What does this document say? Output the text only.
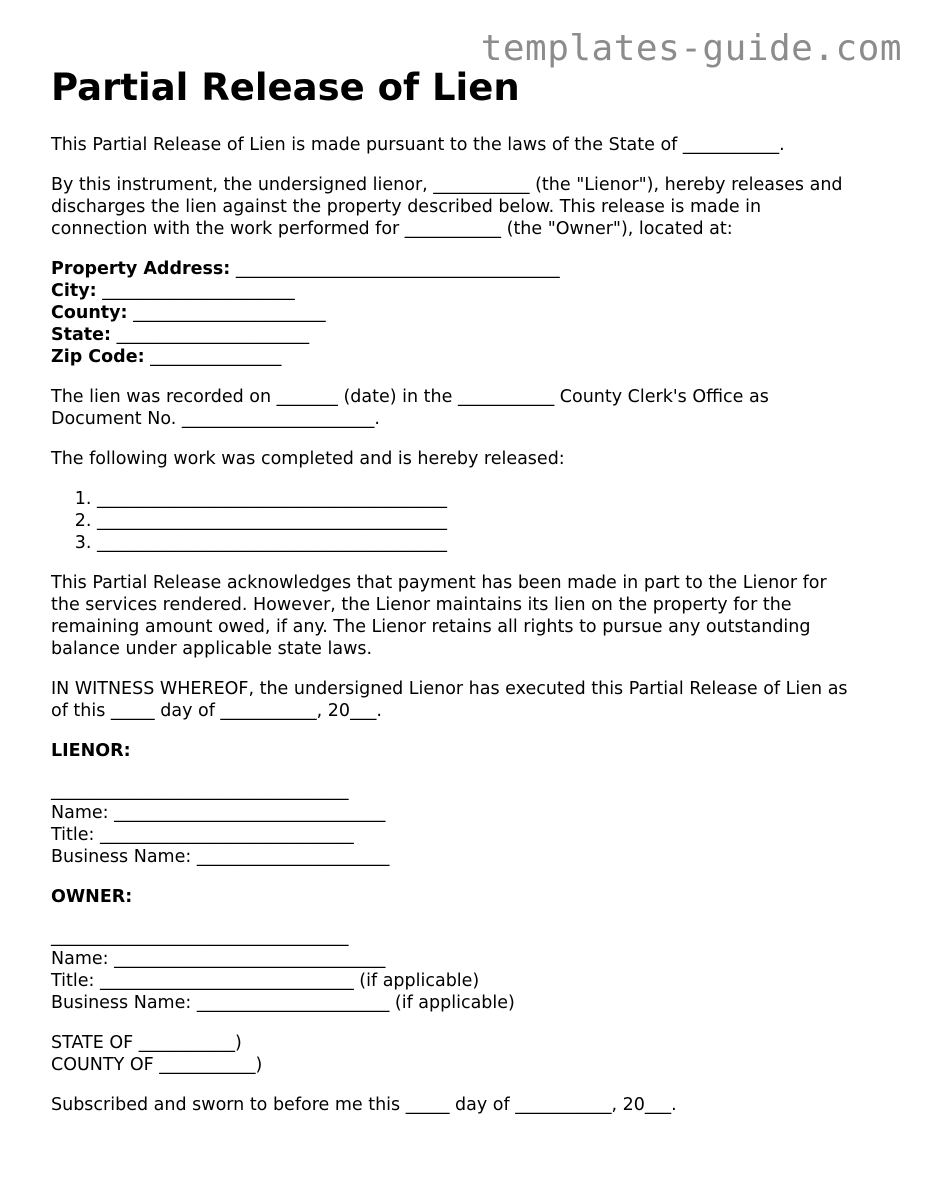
templates-guide.com
Partial Release of Lien

This Partial Release of Lien is made pursuant to the laws of the State of ___________.

By this instrument, the undersigned lienor, ___________ (the "Lienor"), hereby releases and
discharges the lien against the property described below. This release is made in
connection with the work performed for ___________ (the "Owner"), located at:
Property Address: _____________________________________
City: ______________________
County: ______________________
State: ______________________
Zip Code: _______________
The lien was recorded on _______ (date) in the ___________ County Clerk's Office as
Document No. ______________________.

The following work was completed and is hereby released:

1. ________________________________________
2. ________________________________________
3. ________________________________________
This Partial Release acknowledges that payment has been made in part to the Lienor for
the services rendered. However, the Lienor maintains its lien on the property for the
remaining amount owed, if any. The Lienor retains all rights to pursue any outstanding
balance under applicable state laws.
IN WITNESS WHEREOF, the undersigned Lienor has executed this Partial Release of Lien as
of this _____ day of ___________, 20___.
LIENOR:
__________________________________
Name: _______________________________
Title: _____________________________
Business Name: ______________________
OWNER:
__________________________________
Name: _______________________________
Title: _____________________________ (if applicable)
Business Name: ______________________ (if applicable)
STATE OF ___________)
COUNTY OF ___________)

Subscribed and sworn to before me this _____ day of ___________, 20___.
